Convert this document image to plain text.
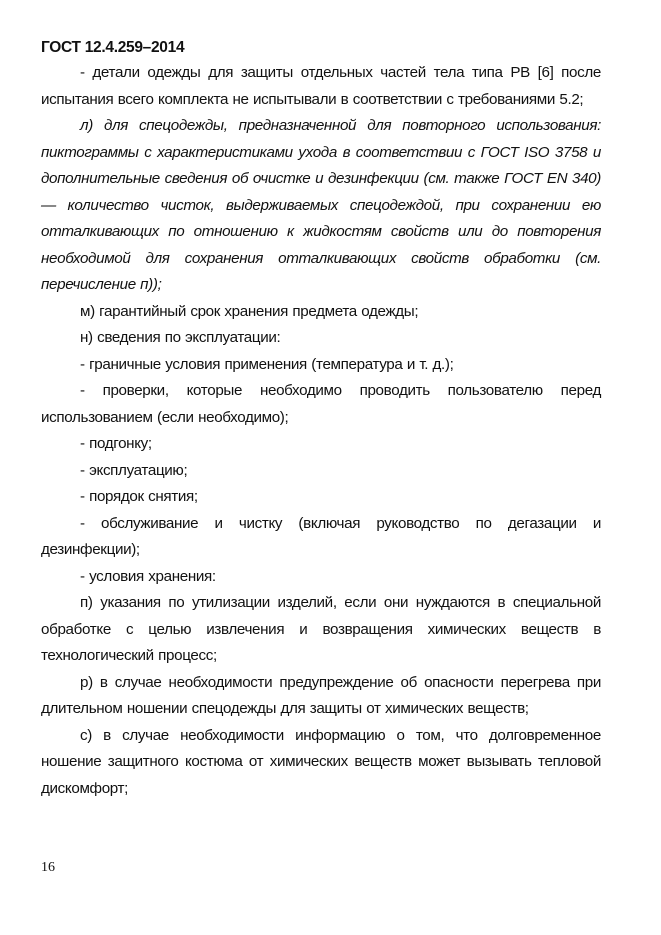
ГОСТ 12.4.259–2014

- детали одежды для защиты отдельных частей тела типа PB [6] после испытания всего комплекта не испытывали в соответствии с требованиями 5.2;

л) для спецодежды, предназначенной для повторного использования: пиктограммы с характеристиками ухода в соответствии с ГОСТ ISO 3758 и дополнительные сведения об очистке и дезинфекции (см. также ГОСТ EN 340) — количество чисток, выдерживаемых спецодеждой, при сохранении ею отталкивающих по отношению к жидкостям свойств или до повторения необходимой для сохранения отталкивающих свойств обработки (см. перечисление п));

м) гарантийный срок хранения предмета одежды;

н) сведения по эксплуатации:

- граничные условия применения (температура и т. д.);

- проверки, которые необходимо проводить пользователю перед использованием (если необходимо);

- подгонку;

- эксплуатацию;

- порядок снятия;

- обслуживание и чистку (включая руководство по дегазации и дезинфекции);

- условия хранения:

п) указания по утилизации изделий, если они нуждаются в специальной обработке с целью извлечения и возвращения химических веществ в технологический процесс;

р) в случае необходимости предупреждение об опасности перегрева при длительном ношении спецодежды для защиты от химических веществ;

с) в случае необходимости информацию о том, что долговременное ношение защитного костюма от химических веществ может вызывать тепловой дискомфорт;

16
